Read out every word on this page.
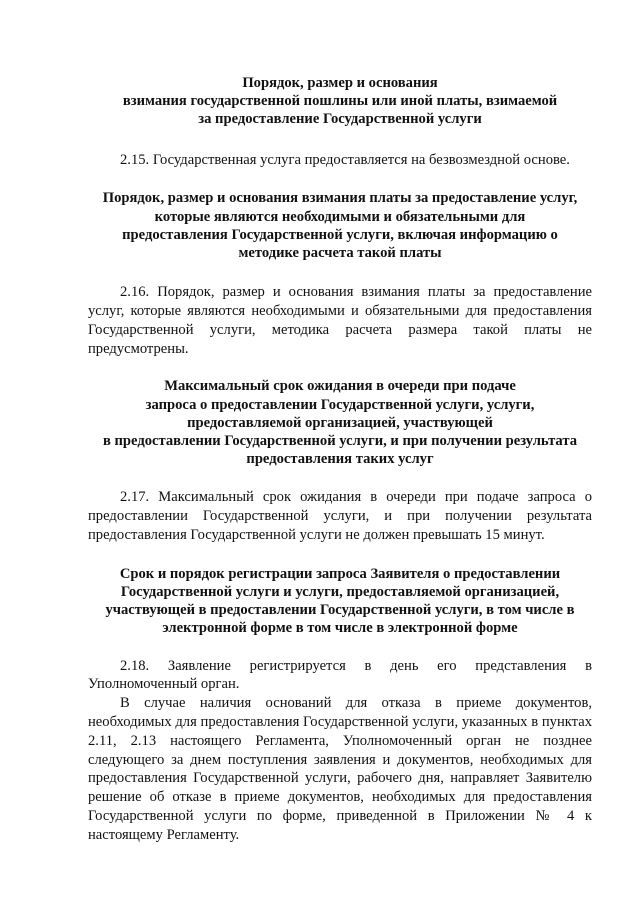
Порядок, размер и основания
взимания государственной пошлины или иной платы, взимаемой
за предоставление Государственной услуги

2.15. Государственная услуга предоставляется на безвозмездной основе.

Порядок, размер и основания взимания платы за предоставление услуг,
которые являются необходимыми и обязательными для
предоставления Государственной услуги, включая информацию о
методике расчета такой платы

2.16. Порядок, размер и основания взимания платы за предоставление услуг, которые являются необходимыми и обязательными для предоставления Государственной услуги, методика расчета размера такой платы не предусмотрены.

Максимальный срок ожидания в очереди при подаче
запроса о предоставлении Государственной услуги, услуги,
предоставляемой организацией, участвующей
в предоставлении Государственной услуги, и при получении результата
предоставления таких услуг

2.17. Максимальный срок ожидания в очереди при подаче запроса о предоставлении Государственной услуги, и при получении результата предоставления Государственной услуги не должен превышать 15 минут.

Срок и порядок регистрации запроса Заявителя о предоставлении
Государственной услуги и услуги, предоставляемой организацией,
участвующей в предоставлении Государственной услуги, в том числе в
электронной форме в том числе в электронной форме

2.18. Заявление регистрируется в день его представления в Уполномоченный орган.

В случае наличия оснований для отказа в приеме документов, необходимых для предоставления Государственной услуги, указанных в пунктах 2.11, 2.13 настоящего Регламента, Уполномоченный орган не позднее следующего за днем поступления заявления и документов, необходимых для предоставления Государственной услуги, рабочего дня, направляет Заявителю решение об отказе в приеме документов, необходимых для предоставления Государственной услуги по форме, приведенной в Приложении № 4 к настоящему Регламенту.
